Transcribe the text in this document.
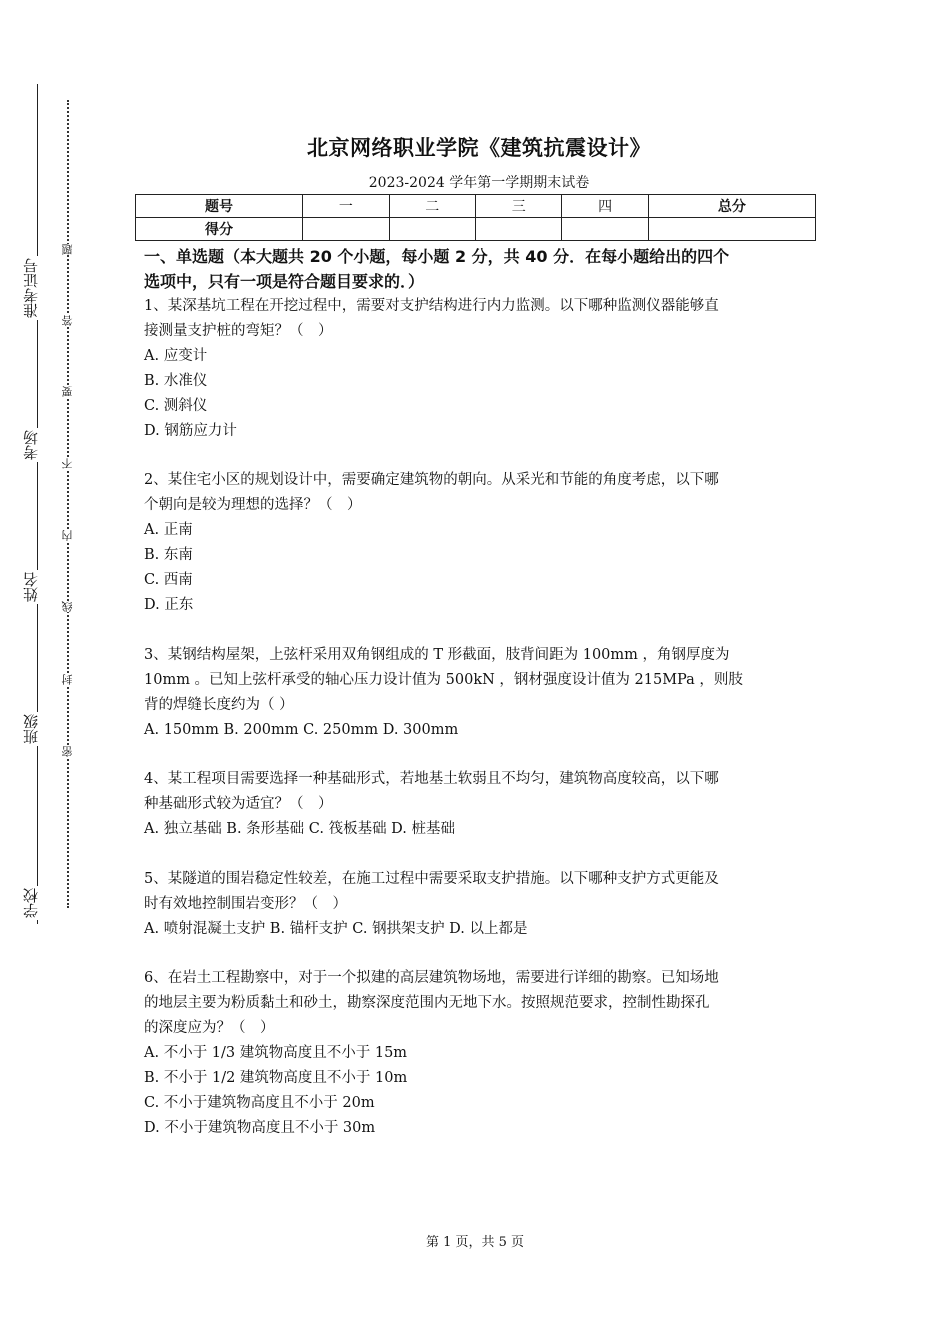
准考证号
考场
姓名
班级
学校
题
答
要
不
内
线
封
密
北京网络职业学院《建筑抗震设计》
2023-2024 学年第一学期期末试卷
题号	一	二	三	四	总分
得分					
一、单选题（本大题共 20 个小题，每小题 2 分，共 40 分．在每小题给出的四个
选项中，只有一项是符合题目要求的．）
1、某深基坑工程在开挖过程中，需要对支护结构进行内力监测。以下哪种监测仪器能够直
接测量支护桩的弯矩？（　）
A. 应变计
B. 水准仪
C. 测斜仪
D. 钢筋应力计
2、某住宅小区的规划设计中，需要确定建筑物的朝向。从采光和节能的角度考虑，以下哪
个朝向是较为理想的选择？（　）
A. 正南
B. 东南
C. 西南
D. 正东
3、某钢结构屋架，上弦杆采用双角钢组成的 T 形截面，肢背间距为 100mm ，角钢厚度为
10mm 。已知上弦杆承受的轴心压力设计值为 500kN ，钢材强度设计值为 215MPa ，则肢
背的焊缝长度约为（ ）
A. 150mm B. 200mm C. 250mm D. 300mm
4、某工程项目需要选择一种基础形式，若地基土软弱且不均匀，建筑物高度较高，以下哪
种基础形式较为适宜？（　）
A. 独立基础 B. 条形基础 C. 筏板基础 D. 桩基础
5、某隧道的围岩稳定性较差，在施工过程中需要采取支护措施。以下哪种支护方式更能及
时有效地控制围岩变形？（　）
A. 喷射混凝土支护 B. 锚杆支护 C. 钢拱架支护 D. 以上都是
6、在岩土工程勘察中，对于一个拟建的高层建筑物场地，需要进行详细的勘察。已知场地
的地层主要为粉质黏土和砂土，勘察深度范围内无地下水。按照规范要求，控制性勘探孔
的深度应为？（　）
A. 不小于 1/3 建筑物高度且不小于 15m
B. 不小于 1/2 建筑物高度且不小于 10m
C. 不小于建筑物高度且不小于 20m
D. 不小于建筑物高度且不小于 30m
第 1 页，共 5 页
